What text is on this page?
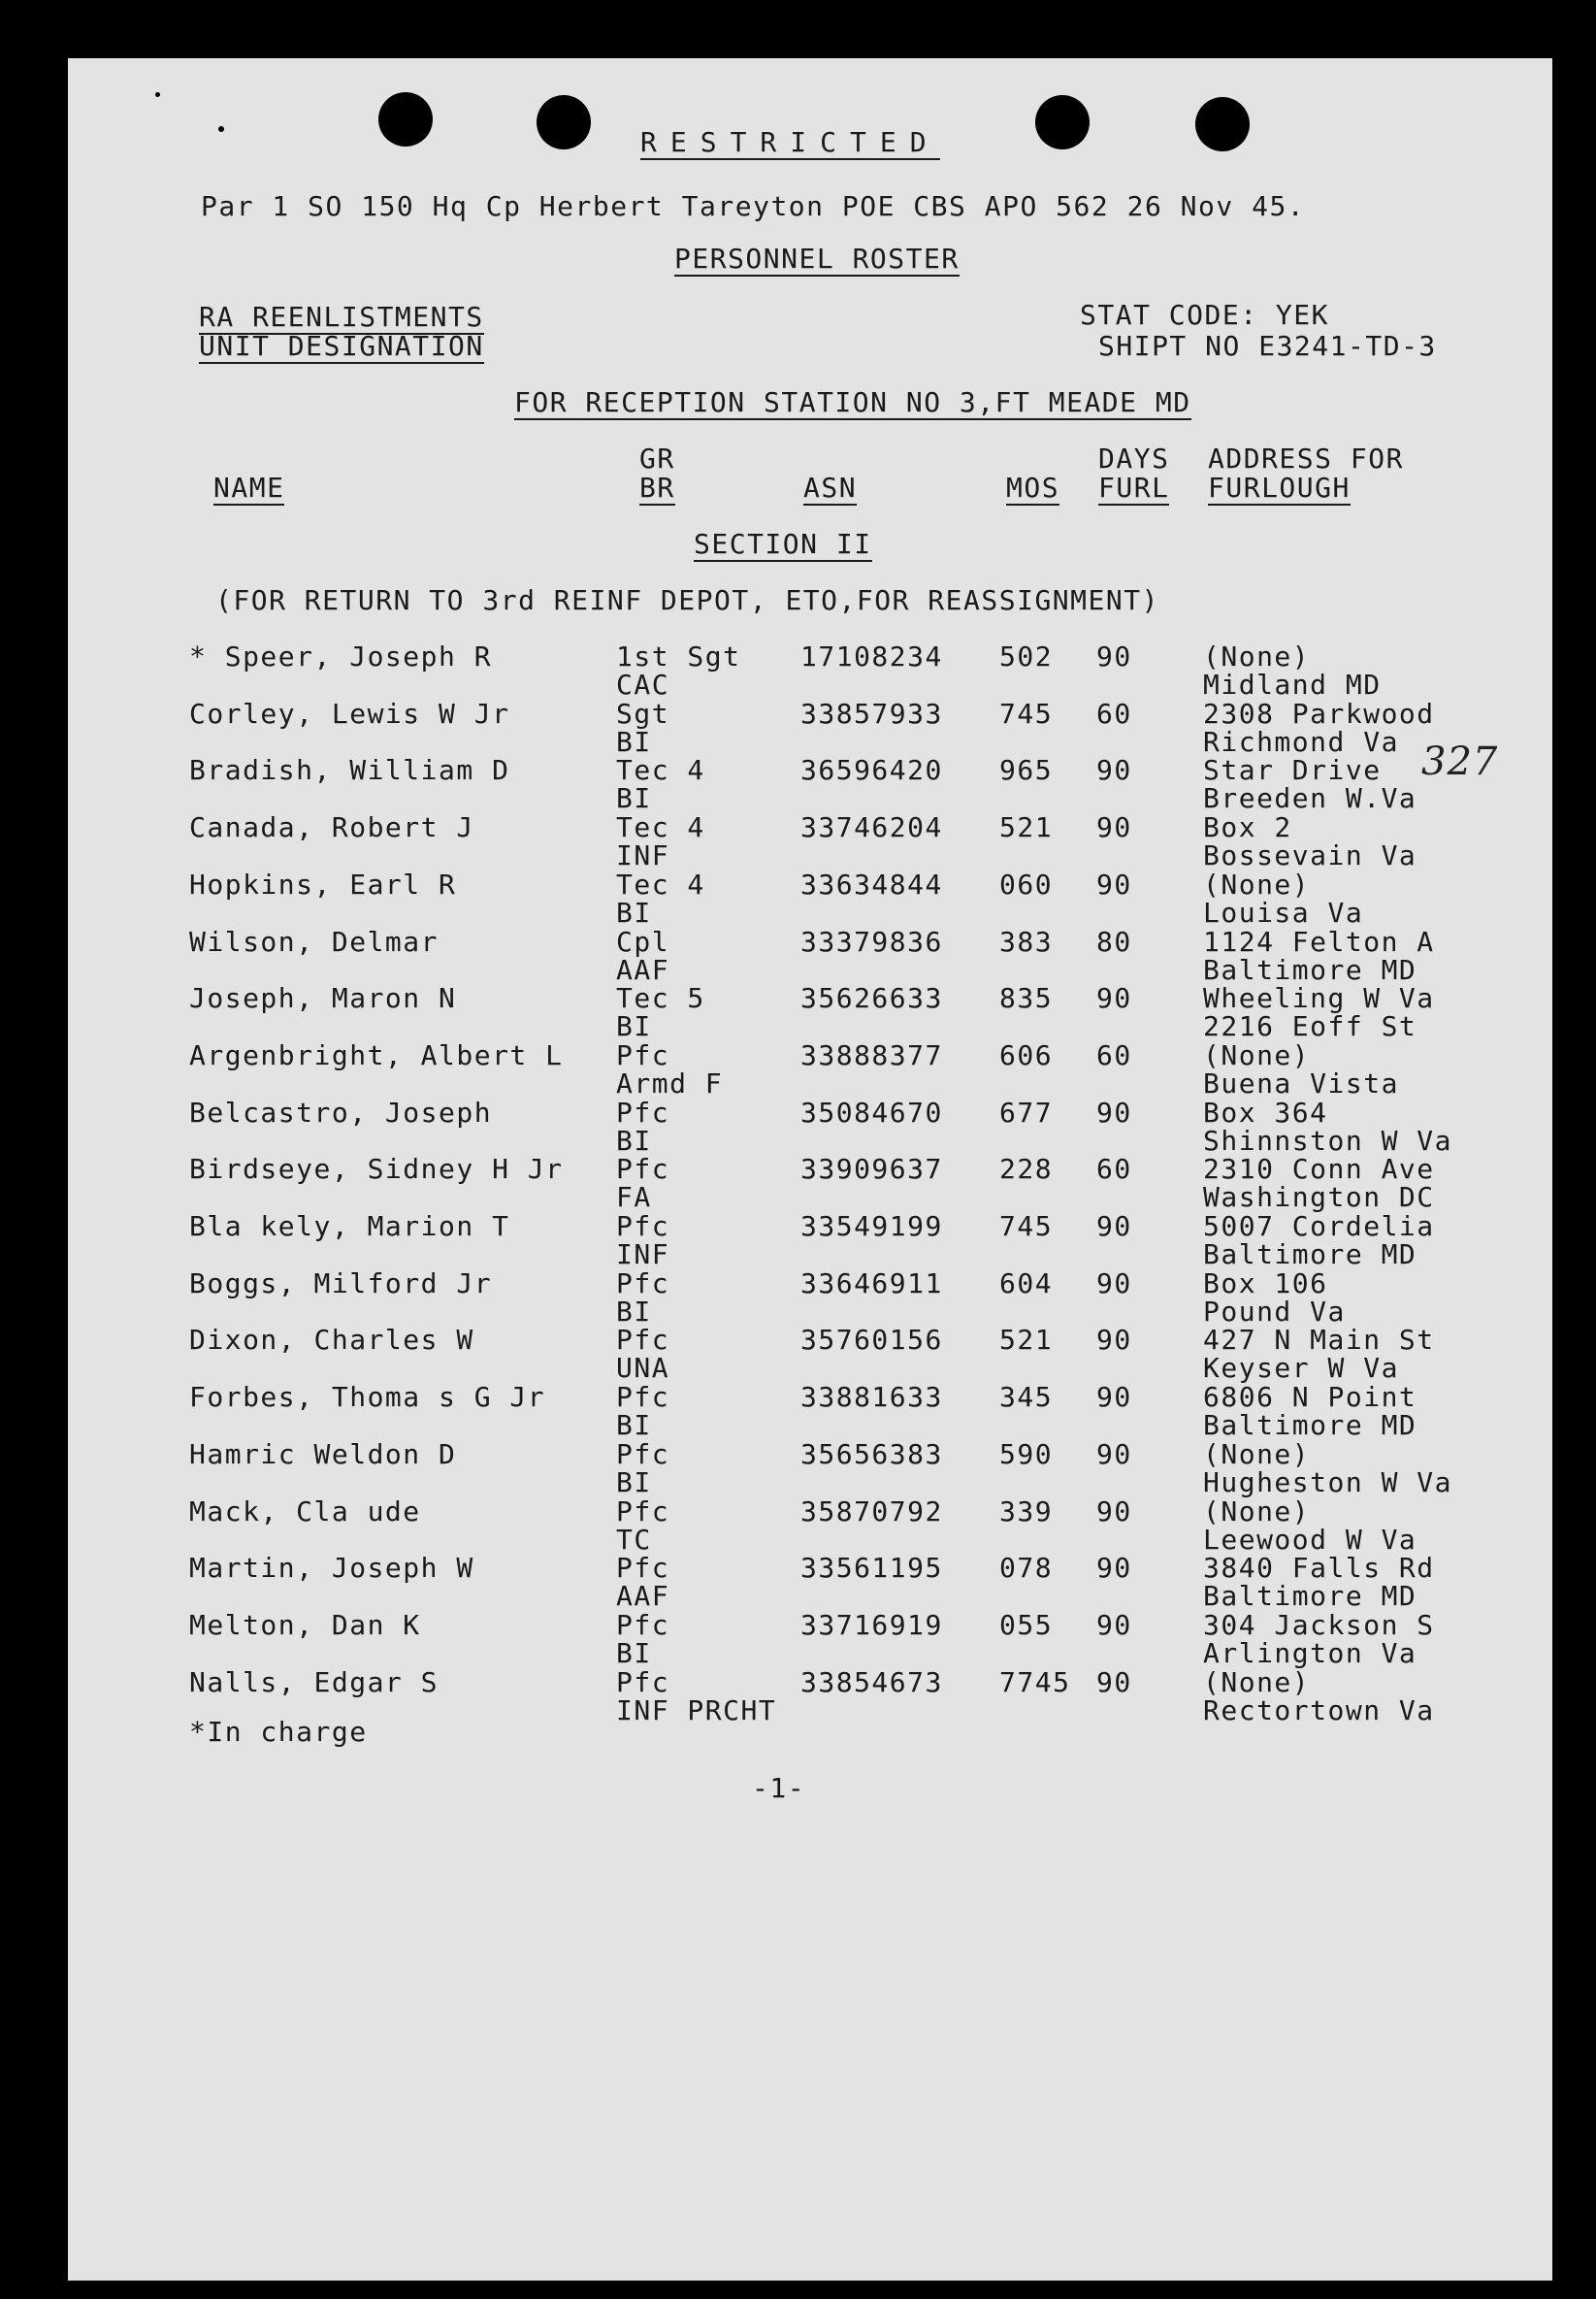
RESTRICTED
Par 1 SO 150 Hq Cp Herbert Tareyton POE CBS APO 562 26 Nov 45.
PERSONNEL ROSTER
RA REENLISTMENTS
UNIT DESIGNATION
STAT CODE: YEK
SHIPT NO E3241-TD-3
FOR RECEPTION STATION NO 3,FT MEADE MD
GR	DAYS ADDRESS FOR
NAME	BR	ASN	MOS FURL FURLOUGH
SECTION II
(FOR RETURN TO 3rd REINF DEPOT, ETO,FOR REASSIGNMENT)
* Speer, Joseph R	1st Sgt 17108234 502 90	(None)
CAC	Midland MD
Corley, Lewis W Jr	Sgt	33857933 745 60	2308 Parkwood
BI	Richmond Va
Bradish, William D	Tec 4	36596420 965 90	Star Drive
BI	Breeden W.Va
Canada, Robert J	Tec 4	33746204 521 90	Box 2
INF	Bossevain Va
Hopkins, Earl R	Tec 4	33634844 060 90	(None)
BI	Louisa Va
Wilson, Delmar	Cpl	33379836 383 80	1124 Felton A
AAF	Baltimore MD
Joseph, Maron N	Tec 5	35626633 835 90	Wheeling W Va
BI	2216 Eoff St
Argenbright, Albert L Pfc	33888377 606 60	(None)
Armd F	Buena Vista
Belcastro, Joseph	Pfc	35084670 677 90	Box 364
BI	Shinnston W Va
Birdseye, Sidney H Jr Pfc	33909637 228 60	2310 Conn Ave
FA	Washington DC
Bla kely, Marion T	Pfc	33549199 745 90	5007 Cordelia
INF	Baltimore MD
Boggs, Milford Jr	Pfc	33646911 604 90	Box 106
BI	Pound Va
Dixon, Charles W	Pfc	35760156 521 90	427 N Main St
UNA	Keyser W Va
Forbes, Thoma s G Jr	Pfc	33881633 345 90	6806 N Point
BI	Baltimore MD
Hamric Weldon D	Pfc	35656383 590 90	(None)
BI	Hugheston W Va
Mack, Cla ude	Pfc	35870792 339 90	(None)
TC	Leewood W Va
Martin, Joseph W	Pfc	33561195 078 90	3840 Falls Rd
AAF	Baltimore MD
Melton, Dan K	Pfc	33716919 055 90	304 Jackson S
BI	Arlington Va
Nalls, Edgar S	Pfc	33854673 7745 90	(None)
INF PRCHT	Rectortown Va
327
*In charge
-1-
